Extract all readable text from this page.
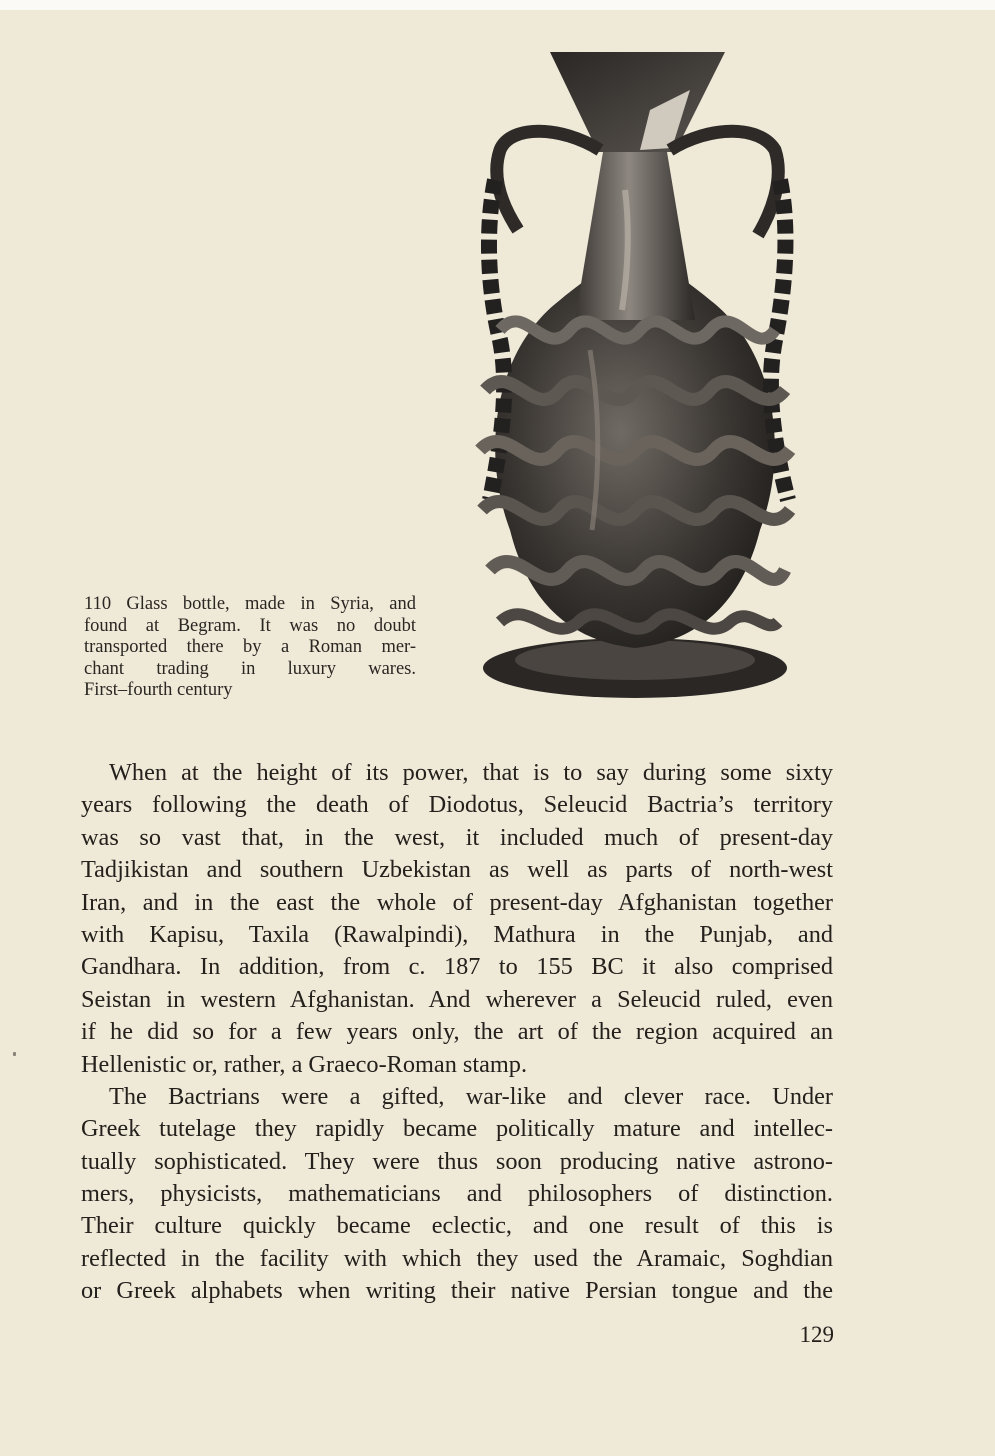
110 Glass bottle, made in Syria, and
found at Begram. It was no doubt
transported there by a Roman mer-
chant trading in luxury wares.
First–fourth century
When at the height of its power, that is to say during some sixty
years following the death of Diodotus, Seleucid Bactria’s territory
was so vast that, in the west, it included much of present-day
Tadjikistan and southern Uzbekistan as well as parts of north-west
Iran, and in the east the whole of present-day Afghanistan together
with Kapisu, Taxila (Rawalpindi), Mathura in the Punjab, and
Gandhara. In addition, from c. 187 to 155 BC it also comprised
Seistan in western Afghanistan. And wherever a Seleucid ruled, even
if he did so for a few years only, the art of the region acquired an
Hellenistic or, rather, a Graeco-Roman stamp.
The Bactrians were a gifted, war-like and clever race. Under
Greek tutelage they rapidly became politically mature and intellec-
tually sophisticated. They were thus soon producing native astrono-
mers, physicists, mathematicians and philosophers of distinction.
Their culture quickly became eclectic, and one result of this is
reflected in the facility with which they used the Aramaic, Soghdian
or Greek alphabets when writing their native Persian tongue and the
129
